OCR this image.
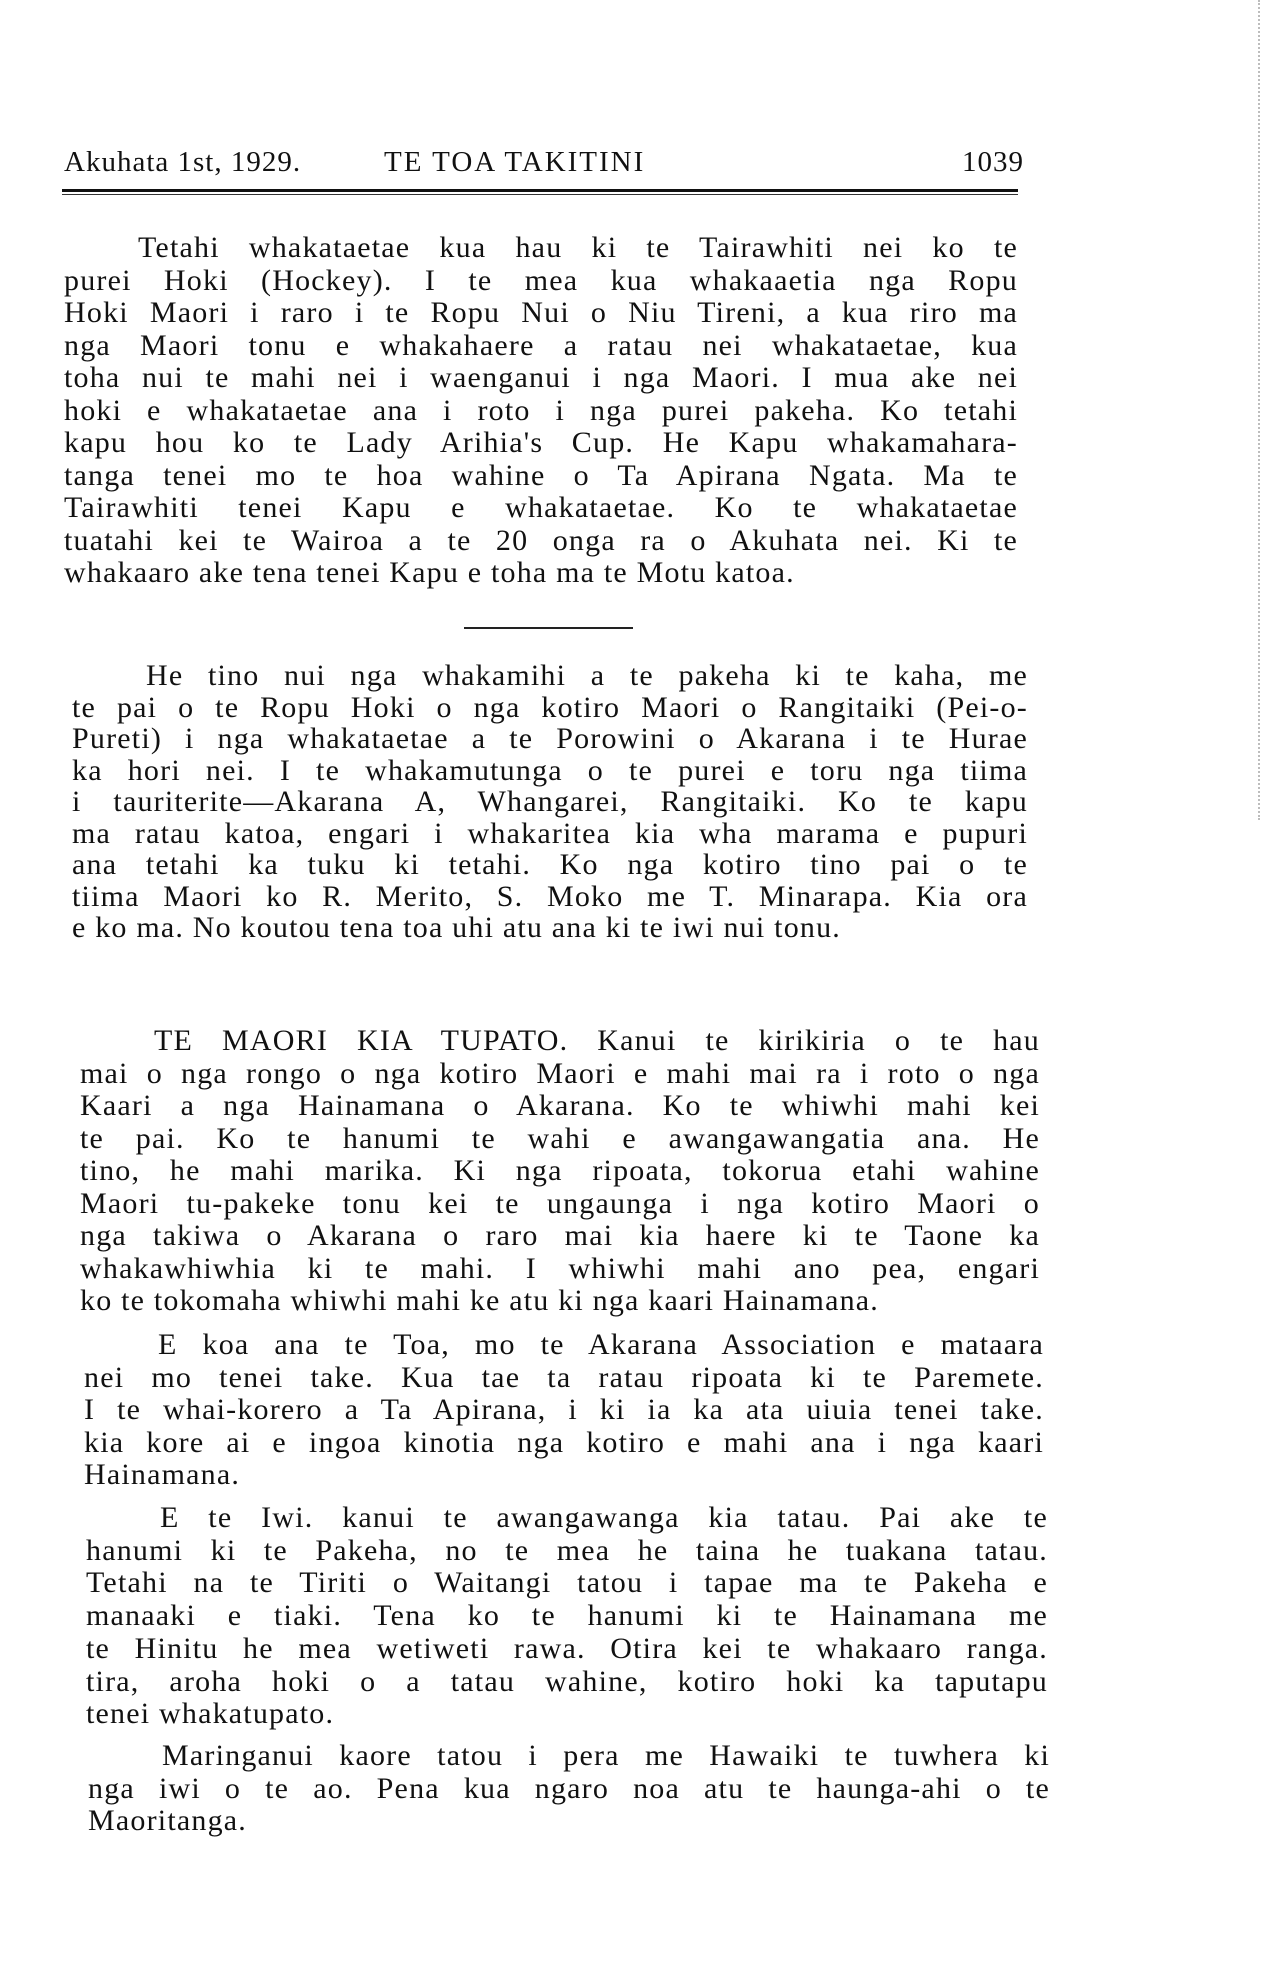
Akuhata 1st, 1929.	TE TOA TAKITINI	1039
Tetahi whakataetae kua hau ki te Tairawhiti nei ko te
purei Hoki (Hockey). I te mea kua whakaaetia nga Ropu
Hoki Maori i raro i te Ropu Nui o Niu Tireni, a kua riro ma
nga Maori tonu e whakahaere a ratau nei whakataetae, kua
toha nui te mahi nei i waenganui i nga Maori. I mua ake nei
hoki e whakataetae ana i roto i nga purei pakeha. Ko tetahi
kapu hou ko te Lady Arihia's Cup. He Kapu whakamahara-
tanga tenei mo te hoa wahine o Ta Apirana Ngata. Ma te
Tairawhiti tenei Kapu e whakataetae. Ko te whakataetae
tuatahi kei te Wairoa a te 20 onga ra o Akuhata nei. Ki te
whakaaro ake tena tenei Kapu e toha ma te Motu katoa.
He tino nui nga whakamihi a te pakeha ki te kaha, me
te pai o te Ropu Hoki o nga kotiro Maori o Rangitaiki (Pei-o-
Pureti) i nga whakataetae a te Porowini o Akarana i te Hurae
ka hori nei. I te whakamutunga o te purei e toru nga tiima
i tauriterite—Akarana A, Whangarei, Rangitaiki. Ko te kapu
ma ratau katoa, engari i whakaritea kia wha marama e pupuri
ana tetahi ka tuku ki tetahi. Ko nga kotiro tino pai o te
tiima Maori ko R. Merito, S. Moko me T. Minarapa. Kia ora
e ko ma. No koutou tena toa uhi atu ana ki te iwi nui tonu.
TE MAORI KIA TUPATO. Kanui te kirikiria o te hau
mai o nga rongo o nga kotiro Maori e mahi mai ra i roto o nga
Kaari a nga Hainamana o Akarana. Ko te whiwhi mahi kei
te pai. Ko te hanumi te wahi e awangawangatia ana. He
tino, he mahi marika. Ki nga ripoata, tokorua etahi wahine
Maori tu-pakeke tonu kei te ungaunga i nga kotiro Maori o
nga takiwa o Akarana o raro mai kia haere ki te Taone ka
whakawhiwhia ki te mahi. I whiwhi mahi ano pea, engari
ko te tokomaha whiwhi mahi ke atu ki nga kaari Hainamana.
E koa ana te Toa, mo te Akarana Association e mataara
nei mo tenei take. Kua tae ta ratau ripoata ki te Paremete.
I te whai-korero a Ta Apirana, i ki ia ka ata uiuia tenei take.
kia kore ai e ingoa kinotia nga kotiro e mahi ana i nga kaari
Hainamana.
E te Iwi. kanui te awangawanga kia tatau. Pai ake te
hanumi ki te Pakeha, no te mea he taina he tuakana tatau.
Tetahi na te Tiriti o Waitangi tatou i tapae ma te Pakeha e
manaaki e tiaki. Tena ko te hanumi ki te Hainamana me
te Hinitu he mea wetiweti rawa. Otira kei te whakaaro ranga.
tira, aroha hoki o a tatau wahine, kotiro hoki ka taputapu
tenei whakatupato.
Maringanui kaore tatou i pera me Hawaiki te tuwhera ki
nga iwi o te ao. Pena kua ngaro noa atu te haunga-ahi o te
Maoritanga.
